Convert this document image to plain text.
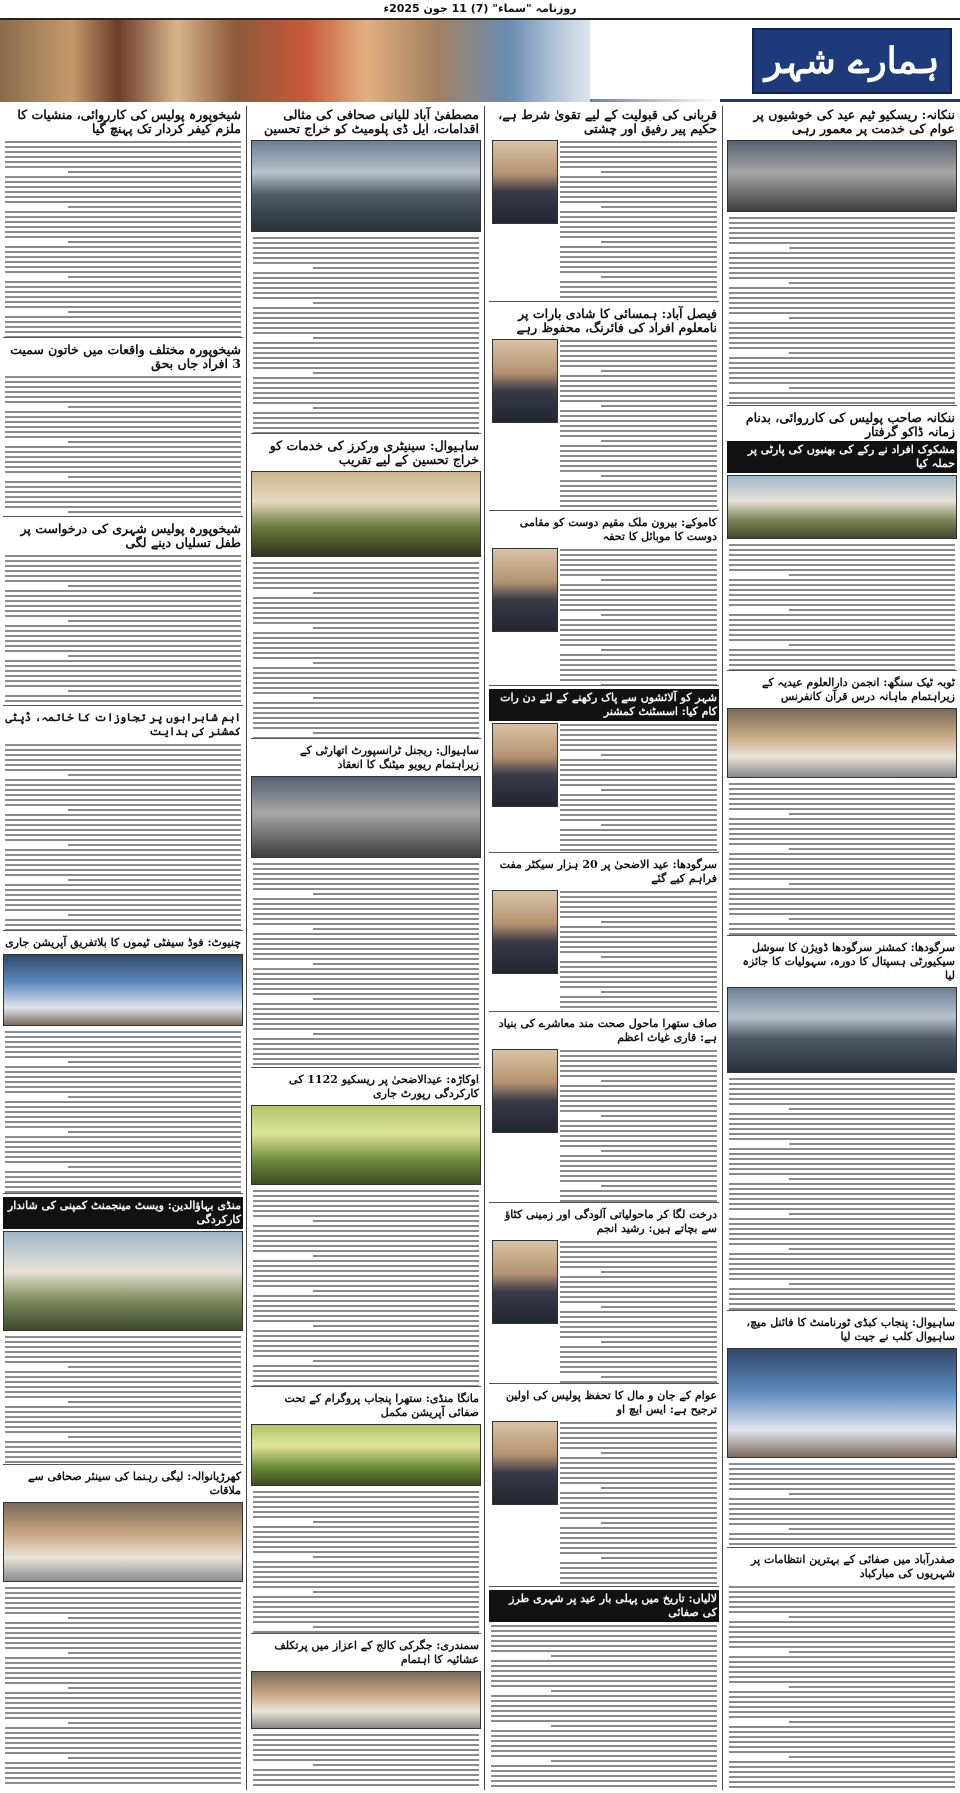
روزنامہ "سماء" (7) 11 جون 2025ء
ہمارے شہر
ننکانہ: ریسکیو ٹیم عید کی خوشیوں پر عوام کی خدمت پر معمور رہی
ننکانہ صاحب پولیس کی کارروائی، بدنام زمانہ ڈاکو گرفتار
مشکوک افراد نے رکے کی بھنبوں کی پارٹی پر حملہ کیا
ٹوبہ ٹیک سنگھ: انجمن دارالعلوم عیدیہ کے زیراہتمام ماہانہ درس قرآن کانفرنس
سرگودھا: کمشنر سرگودھا ڈویژن کا سوشل سیکیورٹی ہسپتال کا دورہ، سہولیات کا جائزہ لیا
ساہیوال: پنجاب کبڈی ٹورنامنٹ کا فائنل میچ، ساہیوال کلب نے جیت لیا
صفدرآباد میں صفائی کے بہترین انتظامات پر شہریوں کی مبارکباد
قربانی کی قبولیت کے لیے تقویٰ شرط ہے، حکیم پیر رفیق اور چشتی
فیصل آباد: ہمسائی کا شادی بارات پر نامعلوم افراد کی فائرنگ، محفوظ رہے
کاموکے: بیرون ملک مقیم دوست کو مقامی دوست کا موبائل کا تحفہ
شہر کو آلائشوں سے پاک رکھنے کے لئے دن رات کام کیا: اسسٹنٹ کمشنر
سرگودھا: عید الاضحیٰ پر 20 ہزار سیکٹر مفت فراہم کیے گئے
صاف ستھرا ماحول صحت مند معاشرے کی بنیاد ہے: قاری غیاث اعظم
درخت لگا کر ماحولیاتی آلودگی اور زمینی کٹاؤ سے بچاتے ہیں: رشید انجم
عوام کے جان و مال کا تحفظ پولیس کی اولین ترجیح ہے: ایس ایچ او
لالیاں: تاریخ میں پہلی بار عید پر شہری طرز کی صفائی
مصطفیٰ آباد للیانی صحافی کی مثالی اقدامات، ایل ڈی پلومیٹ کو خراج تحسین
ساہیوال: سینیٹری ورکرز کی خدمات کو خراج تحسین کے لیے تقریب
ساہیوال: ریجنل ٹرانسپورٹ اتھارٹی کے زیراہتمام ریویو میٹنگ کا انعقاد
اوکاڑہ: عیدالاضحیٰ پر ریسکیو 1122 کی کارکردگی رپورٹ جاری
مانگا منڈی: ستھرا پنجاب پروگرام کے تحت صفائی آپریشن مکمل
سمندری: جگرکی کالج کے اعزاز میں پرتکلف عشائیہ کا اہتمام
شیخوپورہ پولیس کی کارروائی، منشیات کا ملزم کیفر کردار تک پہنچ گیا
شیخوپورہ مختلف واقعات میں خاتون سمیت 3 افراد جاں بحق
شیخوپورہ پولیس شہری کی درخواست پر طفل تسلیاں دینے لگی
اہم شاہراہوں پر تجاوزات کا خاتمہ، ڈپٹی کمشنر کی ہدایت
چنیوٹ: فوڈ سیفٹی ٹیموں کا بلاتفریق آپریشن جاری
منڈی بہاؤالدین: ویسٹ مینجمنٹ کمپنی کی شاندار کارکردگی
کھرڑیانوالہ: لیگی رہنما کی سینئر صحافی سے ملاقات
